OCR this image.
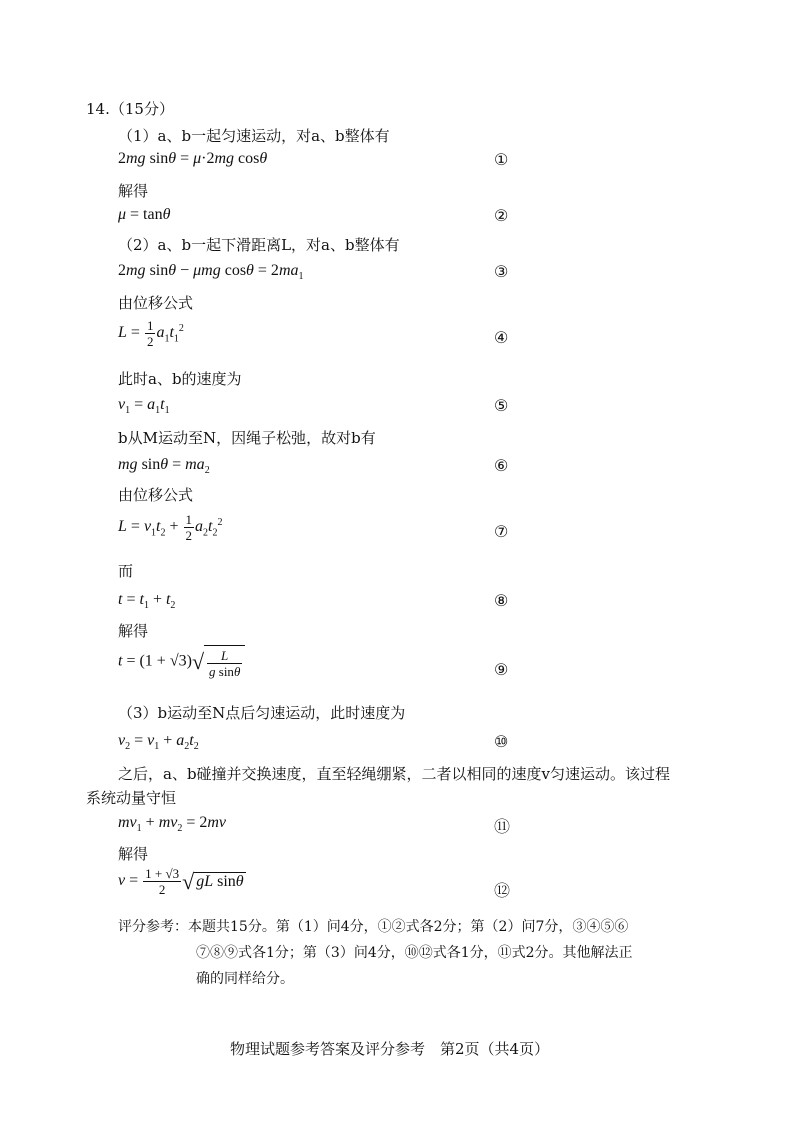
14.（15分）
（1）a、b一起匀速运动，对a、b整体有
2mg sinθ = μ·2mg cosθ	①
解得
μ = tanθ	②
（2）a、b一起下滑距离L，对a、b整体有
2mg sinθ − μmg $\cos\theta = 2ma_1$	③
由位移公式
$L = \frac{1}{2} a_1t_1^2$	④
此时a、b的速度为
$v_1 = a_1t_1$	⑤
b从M运动至N，因绳子松弛，故对b有
mg $\sin\theta = ma_2$	⑥
由位移公式
$L = v_1t_2 + \frac{1}{2} a_2t_2^2$	⑦
而
$t = t_1 + t_2$	⑧
解得
$t = (1 + √3)√ \frac{L}{\text{g sinθ}}$	⑨
（3）b运动至N点后匀速运动，此时速度为
$v_2 = v_1 + a_2t_2$	⑩
之后，a、b碰撞并交换速度，直至轻绳绷紧，二者以相同的速度v匀速运动。该过程
系统动量守恒
$mv_1 + mv_2 = 2mv$	⑪
解得
$v = \frac{1 + √3}{2}$ √ gL sinθ	⑫
评分参考：本题共15分。第（1）问4分，①②式各2分；第（2）问7分，③④⑤⑥
⑦⑧⑨式各1分；第（3）问4分，⑩⑫式各1分，⑪式2分。其他解法正
确的同样给分。
物理试题参考答案及评分参考　第2页（共4页）
